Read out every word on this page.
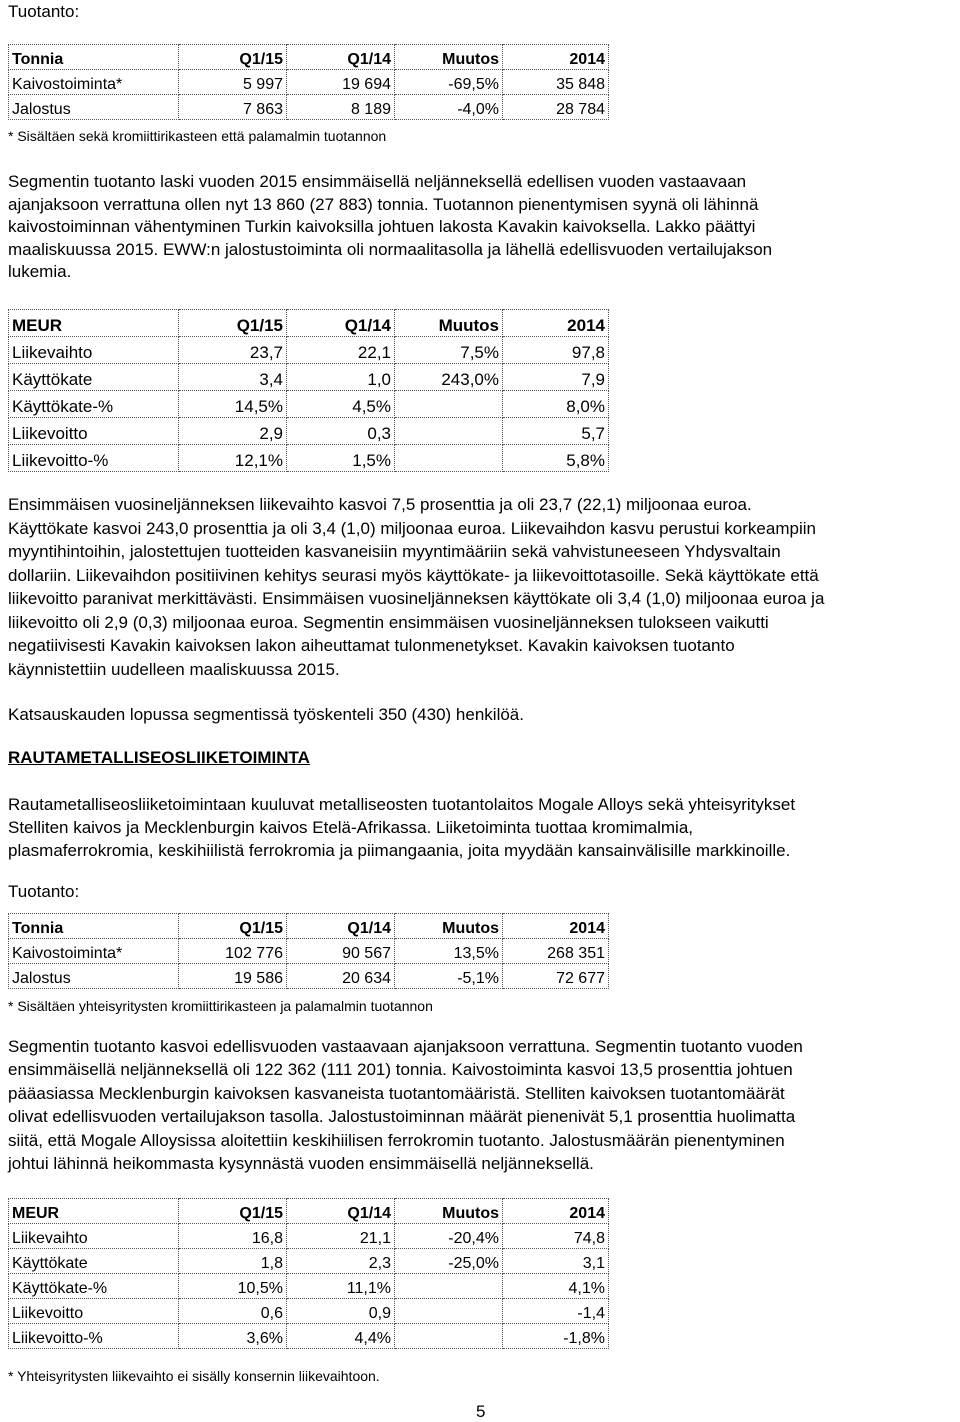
Tuotanto:
Tonnia	Q1/15	Q1/14	Muutos	2014
Kaivostoiminta*	5 997	19 694	-69,5%	35 848
Jalostus	7 863	8 189	-4,0%	28 784
* Sisältäen sekä kromiittirikasteen että palamalmin tuotannon
Segmentin tuotanto laski vuoden 2015 ensimmäisellä neljänneksellä edellisen vuoden vastaavaan
ajanjaksoon verrattuna ollen nyt 13 860 (27 883) tonnia. Tuotannon pienentymisen syynä oli lähinnä
kaivostoiminnan vähentyminen Turkin kaivoksilla johtuen lakosta Kavakin kaivoksella. Lakko päättyi
maaliskuussa 2015. EWW:n jalostustoiminta oli normaalitasolla ja lähellä edellisvuoden vertailujakson
lukemia.
MEUR	Q1/15	Q1/14	Muutos	2014
Liikevaihto	23,7	22,1	7,5%	97,8
Käyttökate	3,4	1,0	243,0%	7,9
Käyttökate-%	14,5%	4,5%		8,0%
Liikevoitto	2,9	0,3		5,7
Liikevoitto-%	12,1%	1,5%		5,8%
Ensimmäisen vuosineljänneksen liikevaihto kasvoi 7,5 prosenttia ja oli 23,7 (22,1) miljoonaa euroa.
Käyttökate kasvoi 243,0 prosenttia ja oli 3,4 (1,0) miljoonaa euroa. Liikevaihdon kasvu perustui korkeampiin
myyntihintoihin, jalostettujen tuotteiden kasvaneisiin myyntimääriin sekä vahvistuneeseen Yhdysvaltain
dollariin. Liikevaihdon positiivinen kehitys seurasi myös käyttökate- ja liikevoittotasoille. Sekä käyttökate että
liikevoitto paranivat merkittävästi. Ensimmäisen vuosineljänneksen käyttökate oli 3,4 (1,0) miljoonaa euroa ja
liikevoitto oli 2,9 (0,3) miljoonaa euroa. Segmentin ensimmäisen vuosineljänneksen tulokseen vaikutti
negatiivisesti Kavakin kaivoksen lakon aiheuttamat tulonmenetykset. Kavakin kaivoksen tuotanto
käynnistettiin uudelleen maaliskuussa 2015.
Katsauskauden lopussa segmentissä työskenteli 350 (430) henkilöä.
RAUTAMETALLISEOSLIIKETOIMINTA
Rautametalliseosliiketoimintaan kuuluvat metalliseosten tuotantolaitos Mogale Alloys sekä yhteisyritykset
Stelliten kaivos ja Mecklenburgin kaivos Etelä-Afrikassa. Liiketoiminta tuottaa kromimalmia,
plasmaferrokromia, keskihiilistä ferrokromia ja piimangaania, joita myydään kansainvälisille markkinoille.
Tuotanto:
Tonnia	Q1/15	Q1/14	Muutos	2014
Kaivostoiminta*	102 776	90 567	13,5%	268 351
Jalostus	19 586	20 634	-5,1%	72 677
* Sisältäen yhteisyritysten kromiittirikasteen ja palamalmin tuotannon
Segmentin tuotanto kasvoi edellisvuoden vastaavaan ajanjaksoon verrattuna. Segmentin tuotanto vuoden
ensimmäisellä neljänneksellä oli 122 362 (111 201) tonnia. Kaivostoiminta kasvoi 13,5 prosenttia johtuen
pääasiassa Mecklenburgin kaivoksen kasvaneista tuotantomääristä. Stelliten kaivoksen tuotantomäärät
olivat edellisvuoden vertailujakson tasolla. Jalostustoiminnan määrät pienenivät 5,1 prosenttia huolimatta
siitä, että Mogale Alloysissa aloitettiin keskihiilisen ferrokromin tuotanto. Jalostusmäärän pienentyminen
johtui lähinnä heikommasta kysynnästä vuoden ensimmäisellä neljänneksellä.
MEUR	Q1/15	Q1/14	Muutos	2014
Liikevaihto	16,8	21,1	-20,4%	74,8
Käyttökate	1,8	2,3	-25,0%	3,1
Käyttökate-%	10,5%	11,1%		4,1%
Liikevoitto	0,6	0,9		-1,4
Liikevoitto-%	3,6%	4,4%		-1,8%
* Yhteisyritysten liikevaihto ei sisälly konsernin liikevaihtoon.
5
